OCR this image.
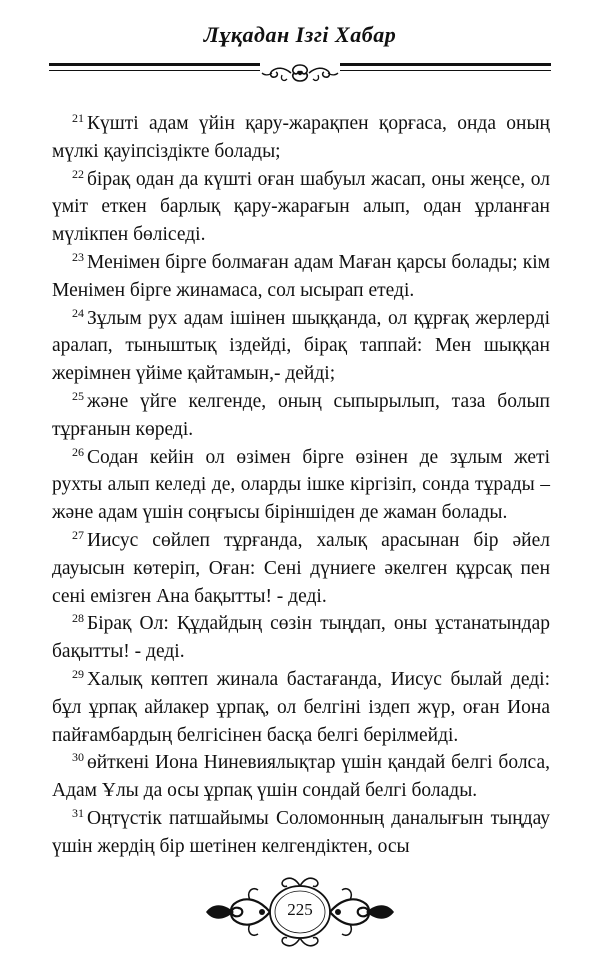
Лұқадан Ізгі Хабар

$^{21}$ Күшті адам үйін қару-жарақпен қорғаса, онда оның мүлкі қауіпсіздікте болады;

$^{22}$ бірақ одан да күшті оған шабуыл жасап, оны жеңсе, ол үміт еткен барлық қару-жарағын алып, одан ұрланған мүлікпен бөліседі.

$^{23}$ Менімен бірге болмаған адам Маған қарсы болады; кім Менімен бірге жинамаса, сол ысырап етеді.

$^{24}$ Зұлым рух адам ішінен шыққанда, ол құрғақ жерлерді аралап, тыныштық іздейді, бірақ таппай: Мен шыққан жерімнен үйіме қайтамын,- дейді;

$^{25}$ және үйге келгенде, оның сыпырылып, таза болып тұрғанын көреді.

$^{26}$ Содан кейін ол өзімен бірге өзінен де зұлым жеті рухты алып келеді де, оларды ішке кіргізіп, сонда тұрады – және адам үшін соңғысы біріншіден де жаман болады.

$^{27}$ Иисус сөйлеп тұрғанда, халық арасынан бір әйел дауысын көтеріп, Оған: Сені дүниеге әкелген құрсақ пен сені емізген Ана бақытты! - деді.

$^{28}$ Бірақ Ол: Құдайдың сөзін тыңдап, оны ұстанатындар бақытты! - деді.

$^{29}$ Халық көптеп жинала бастағанда, Иисус былай деді: бұл ұрпақ айлакер ұрпақ, ол белгіні іздеп жүр, оған Иона пайғамбардың белгісінен басқа белгі берілмейді.

$^{30}$ өйткені Иона Ниневиялықтар үшін қандай белгі болса, Адам Ұлы да осы ұрпақ үшін сондай белгі болады.

$^{31}$ Оңтүстік патшайымы Соломонның даналығын тыңдау үшін жердің бір шетінен келгендіктен, осы

225
